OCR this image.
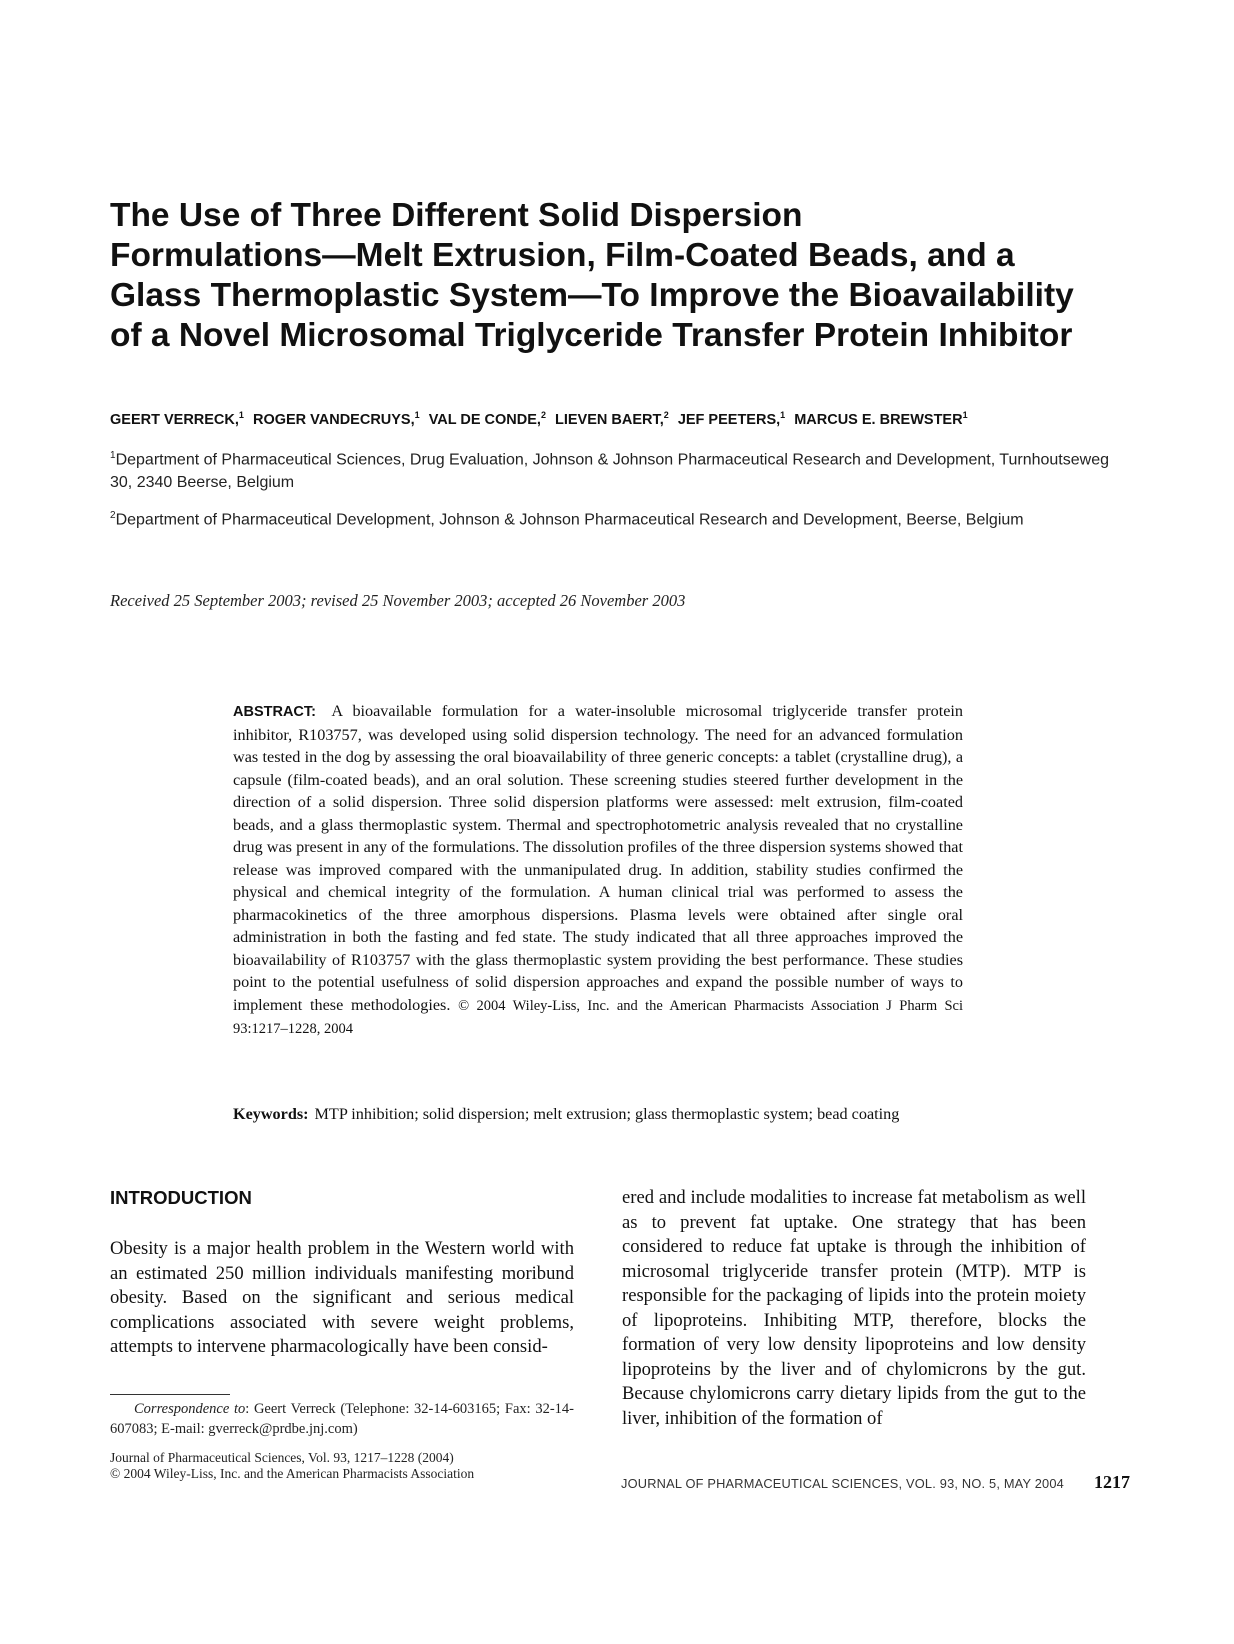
The Use of Three Different Solid Dispersion
Formulations—Melt Extrusion, Film-Coated Beads, and a
Glass Thermoplastic System—To Improve the Bioavailability
of a Novel Microsomal Triglyceride Transfer Protein Inhibitor
GEERT VERRECK,$^1$ ROGER VANDECRUYS,$^1$ VAL DE CONDE,$^2$ LIEVEN BAERT,$^2$ JEF PEETERS,$^1$ MARCUS E. BREWSTER$^1$
$^1$Department of Pharmaceutical Sciences, Drug Evaluation, Johnson & Johnson Pharmaceutical Research and Development, Turnhoutseweg 30, 2340 Beerse, Belgium
$^2$Department of Pharmaceutical Development, Johnson & Johnson Pharmaceutical Research and Development, Beerse, Belgium
Received 25 September 2003; revised 25 November 2003; accepted 26 November 2003
ABSTRACT: A bioavailable formulation for a water-insoluble microsomal triglyceride transfer protein inhibitor, R103757, was developed using solid dispersion technology. The need for an advanced formulation was tested in the dog by assessing the oral bioavailability of three generic concepts: a tablet (crystalline drug), a capsule (film-coated beads), and an oral solution. These screening studies steered further development in the direction of a solid dispersion. Three solid dispersion platforms were assessed: melt extrusion, film-coated beads, and a glass thermoplastic system. Thermal and spectrophotometric analysis revealed that no crystalline drug was present in any of the formulations. The dissolution profiles of the three dispersion systems showed that release was improved compared with the unmanipulated drug. In addition, stability studies confirmed the physical and chemical integrity of the formulation. A human clinical trial was performed to assess the pharmacokinetics of the three amorphous dispersions. Plasma levels were obtained after single oral administration in both the fasting and fed state. The study indicated that all three approaches improved the bioavailability of R103757 with the glass thermoplastic system providing the best performance. These studies point to the potential usefulness of solid dispersion approaches and expand the possible number of ways to implement these methodologies. © 2004 Wiley-Liss, Inc. and the American Pharmacists Association J Pharm Sci 93:1217–1228, 2004
Keywords: MTP inhibition; solid dispersion; melt extrusion; glass thermoplastic system; bead coating
INTRODUCTION
Obesity is a major health problem in the Western world with an estimated 250 million individuals manifesting moribund obesity. Based on the significant and serious medical complications associated with severe weight problems, attempts to intervene pharmacologically have been consid-
ered and include modalities to increase fat metabolism as well as to prevent fat uptake. One strategy that has been considered to reduce fat uptake is through the inhibition of microsomal triglyceride transfer protein (MTP). MTP is responsible for the packaging of lipids into the protein moiety of lipoproteins. Inhibiting MTP, therefore, blocks the formation of very low density lipoproteins and low density lipoproteins by the liver and of chylomicrons by the gut. Because chylomicrons carry dietary lipids from the gut to the liver, inhibition of the formation of
Correspondence to: Geert Verreck (Telephone: 32-14-603165; Fax: 32-14-607083; E-mail: gverreck@prdbe.jnj.com)
Journal of Pharmaceutical Sciences, Vol. 93, 1217–1228 (2004)
© 2004 Wiley-Liss, Inc. and the American Pharmacists Association
JOURNAL OF PHARMACEUTICAL SCIENCES, VOL. 93, NO. 5, MAY 2004 1217
